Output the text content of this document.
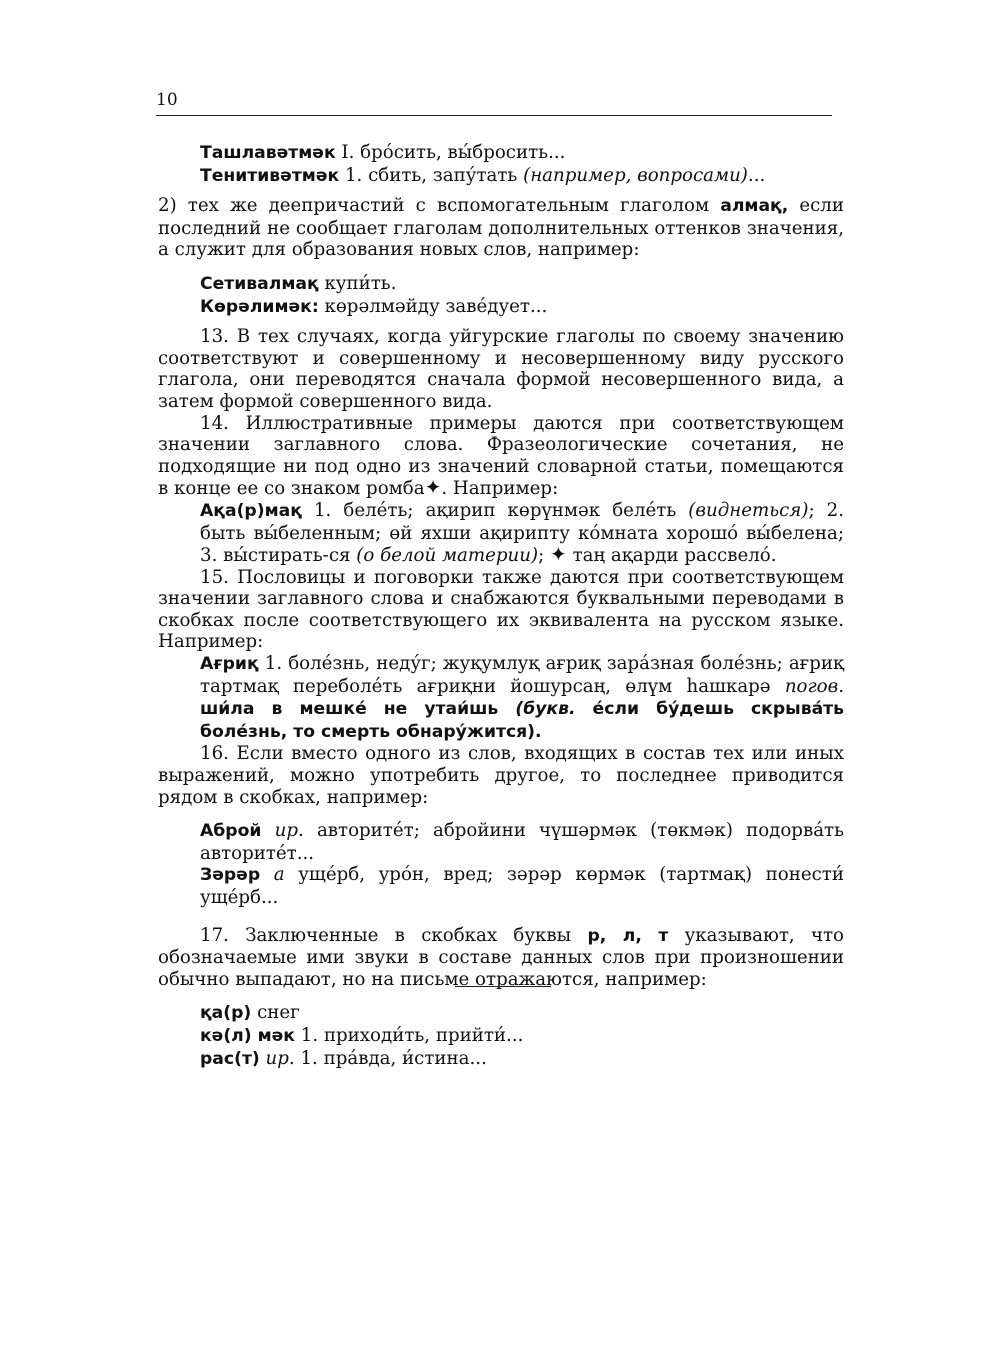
10

Ташлавәтмәк I. бро́сить, вы́бросить...

Тенитивәтмәк 1. сбить, запу́тать (например, вопросами)...

2) тех же деепричастий с вспомогательным глаголом алмақ, если последний не сообщает глаголам дополнительных оттенков значения, а служит для образования новых слов, например:

Сетивалмақ купи́ть.

Көрәлимәк: көрәлмәйду заве́дует...

13. В тех случаях, когда уйгурские глаголы по своему значению соответствуют и совершенному и несовершенному виду русского глагола, они переводятся сначала формой несовершенного вида, а затем формой совершенного вида.

14. Иллюстративные примеры даются при соответствующем значении заглавного слова. Фразеологические сочетания, не подходящие ни под одно из значений словарной статьи, помещаются в конце ее со знаком ромба✦. Например:

Ақа(р)мақ 1. беле́ть; ақирип көрүнмәк беле́ть (виднеться); 2. быть вы́беленным; өй яхши ақирипту ко́мната хорошо́ вы́белена; 3. вы́стирать-ся (о белой материи); ✦ таң ақарди рассвело́.

15. Пословицы и поговорки также даются при соответствующем значении заглавного слова и снабжаются буквальными переводами в скобках после соответствующего их эквивалента на русском языке. Например:

Ағриқ 1. боле́знь, неду́г; жуқумлуқ ағриқ зара́зная боле́знь; ағриқ тартмақ переболе́ть ағриқни йошурсаң, өлүм һашкарә погов. ши́ла в мешке́ не утаи́шь (букв. е́сли бу́дешь скрыва́ть боле́знь, то смерть обнару́жится).

16. Если вместо одного из слов, входящих в состав тех или иных выражений, можно употребить другое, то последнее приводится рядом в скобках, например:

Аброй ир. авторите́т; абройини чүшәрмәк (төкмәк) подорва́ть авторите́т...

Зәрәр а уще́рб, уро́н, вред; зәрәр көрмәк (тартмақ) понести́ уще́рб...

17. Заключенные в скобках буквы р, л, т указывают, что обозначаемые ими звуки в составе данных слов при произношении обычно выпадают, но на письме отражаются, например:

қа(р) снег

кә(л) мәк 1. приходи́ть, прийти́...

рас(т) ир. 1. пра́вда, и́стина...
